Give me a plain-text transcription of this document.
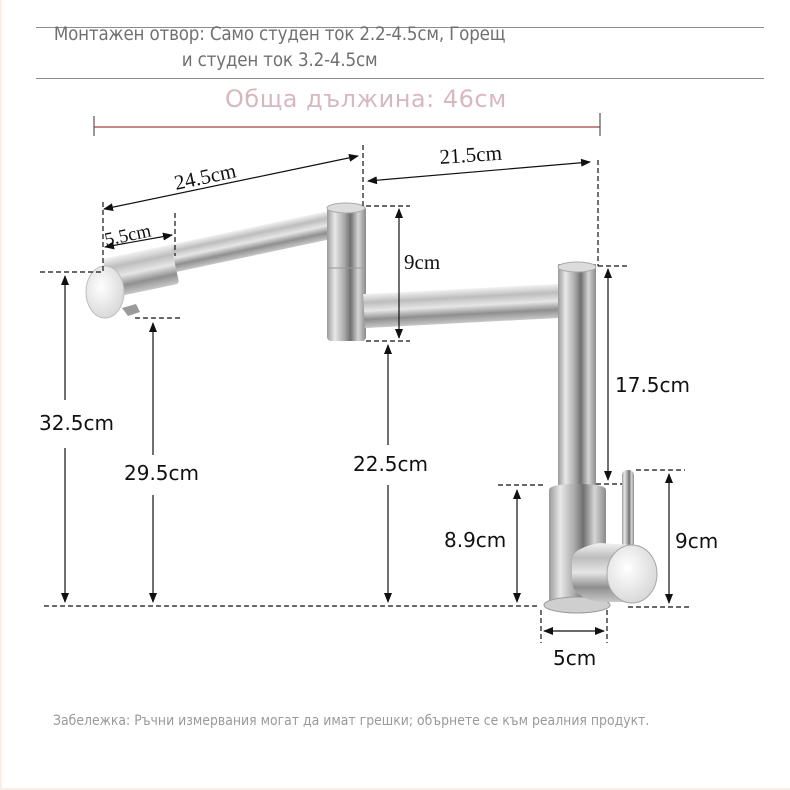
Монтажен отвор: Само студен ток 2.2-4.5см, Горещ
и студен ток 3.2-4.5см
Обща дължина: 46см
24.5cm
5.5cm
21.5cm
9cm
17.5cm
32.5cm
29.5cm	22.5cm
8.9cm	9cm
5cm
Забележка: Ръчни измервания могат да имат грешки; обърнете се към реалния продукт.
